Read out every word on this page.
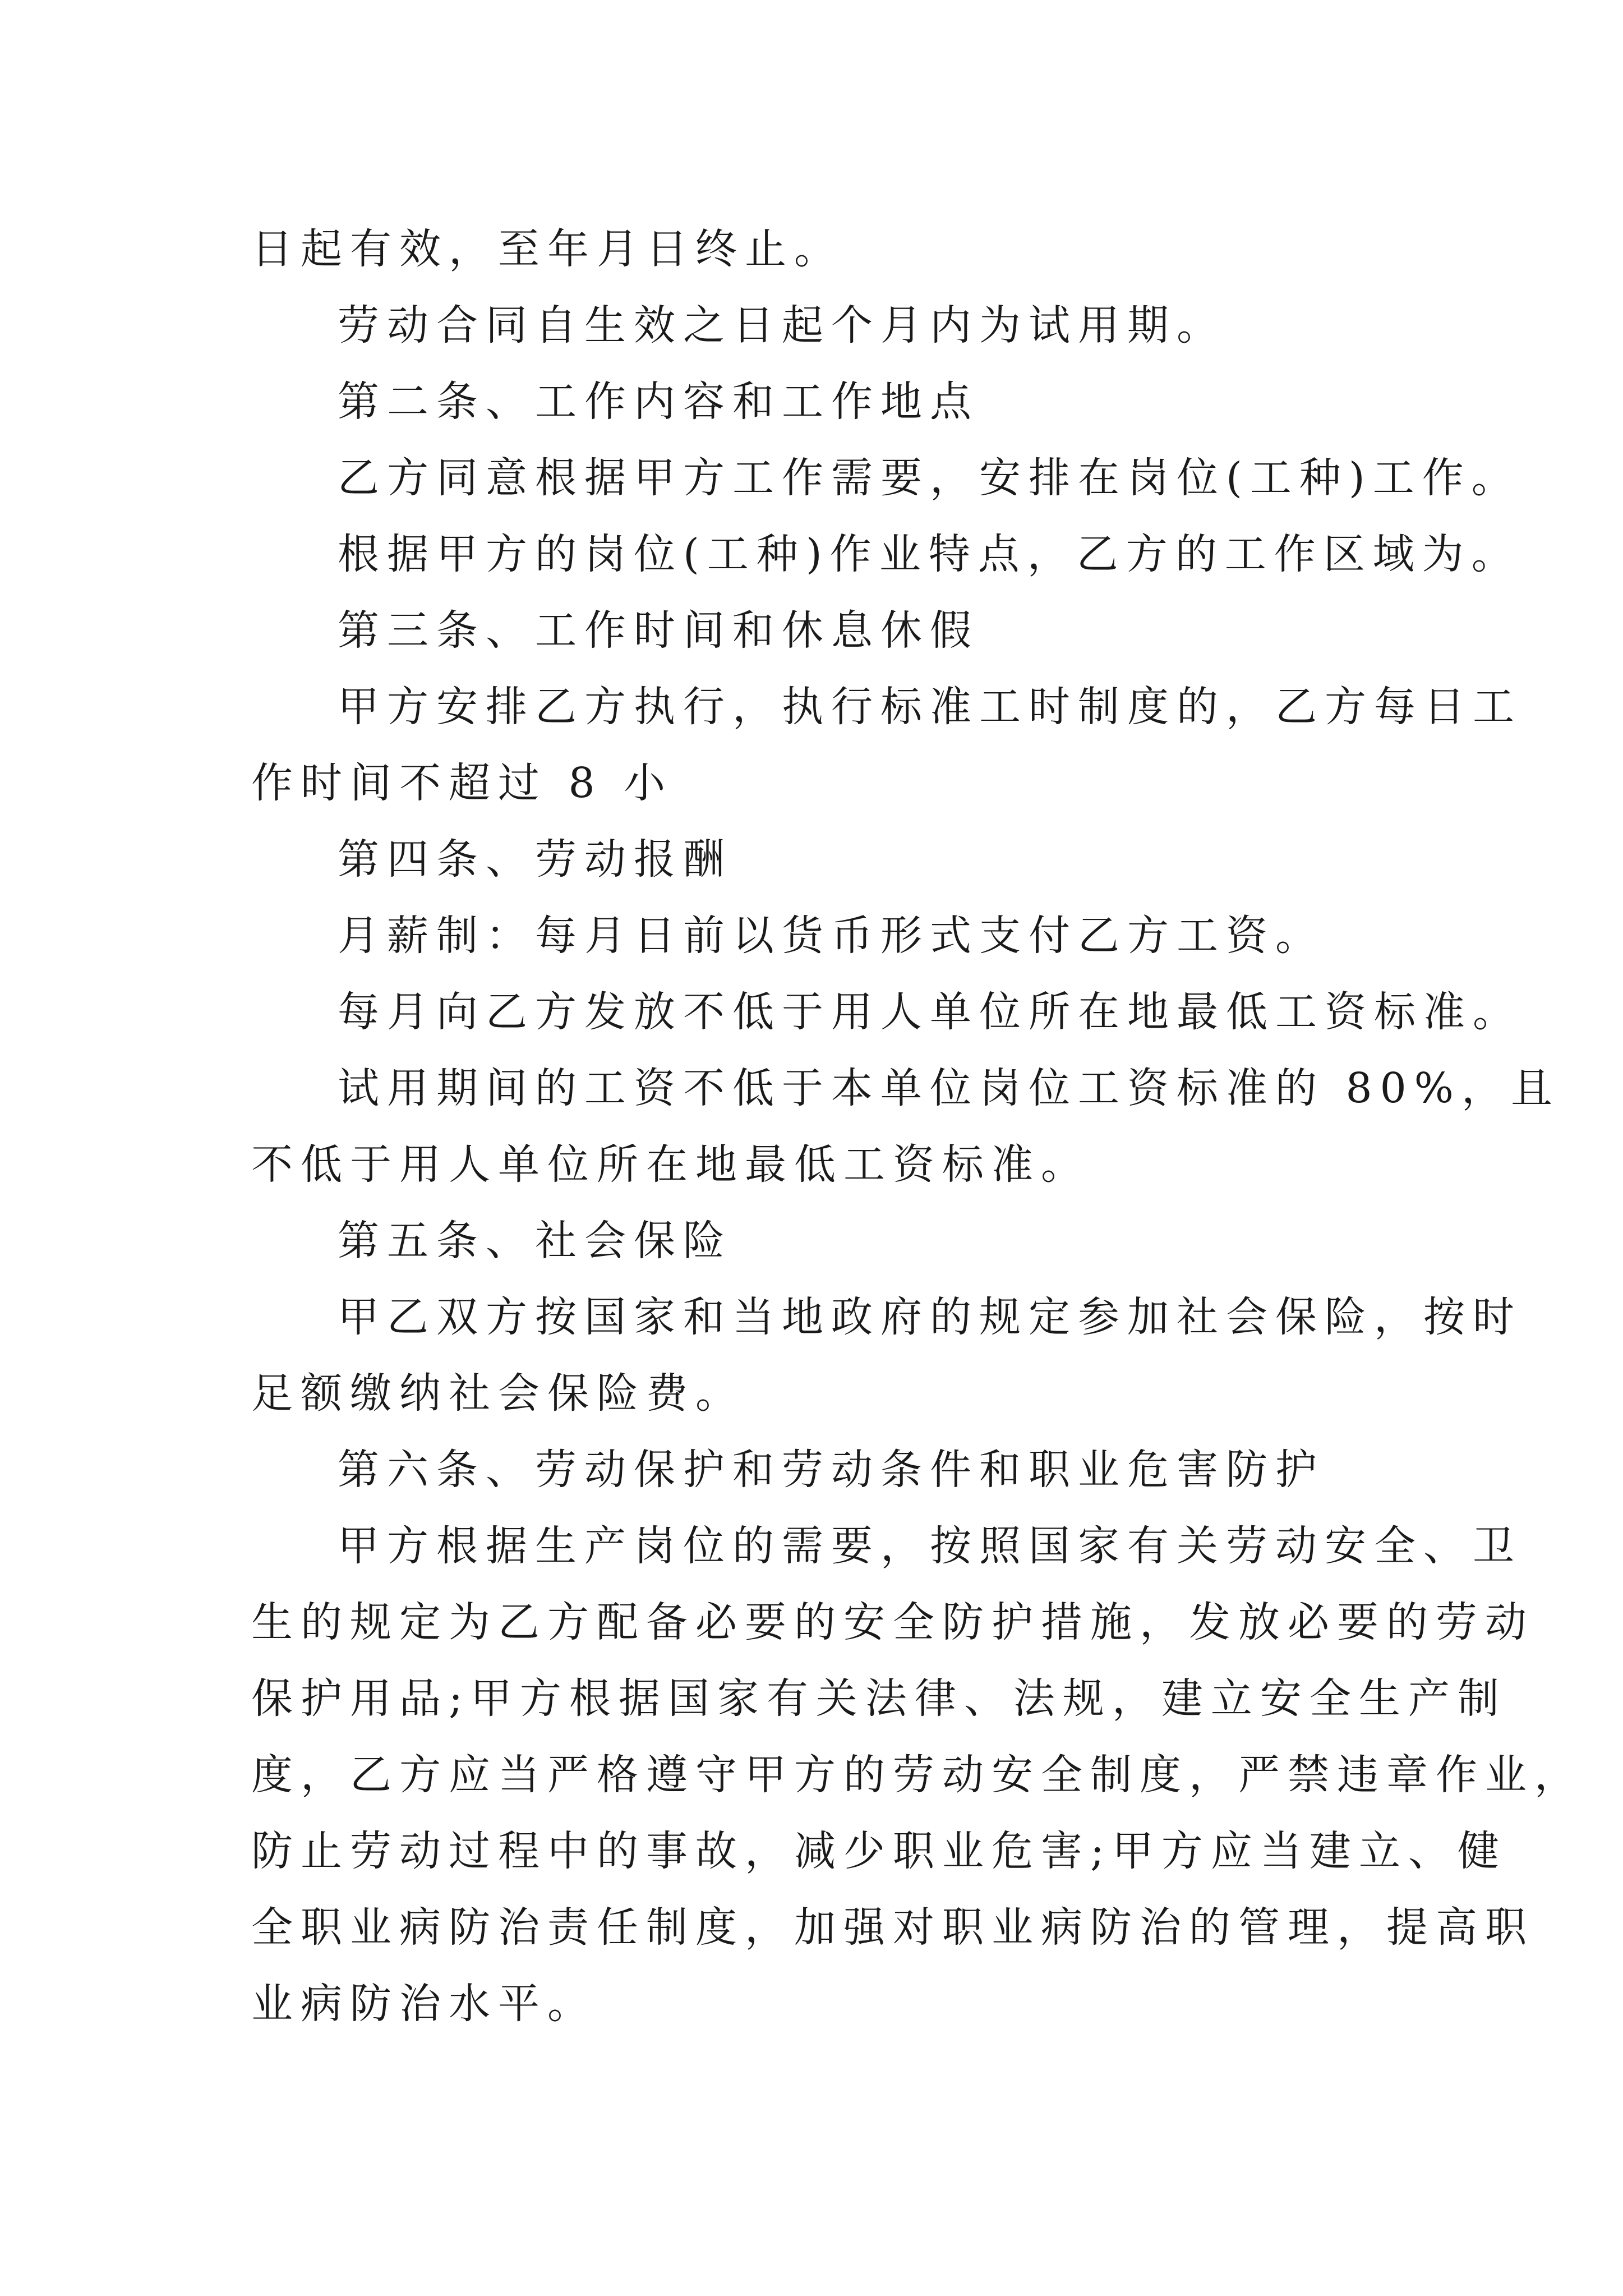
日起有效，至年月日终止。
劳动合同自生效之日起个月内为试用期。
第二条、工作内容和工作地点
乙方同意根据甲方工作需要，安排在岗位(工种)工作。
根据甲方的岗位(工种)作业特点，乙方的工作区域为。
第三条、工作时间和休息休假
甲方安排乙方执行，执行标准工时制度的，乙方每日工
作时间不超过 8 小
第四条、劳动报酬
月薪制：每月日前以货币形式支付乙方工资。
每月向乙方发放不低于用人单位所在地最低工资标准。
试用期间的工资不低于本单位岗位工资标准的 80%，且
不低于用人单位所在地最低工资标准。
第五条、社会保险
甲乙双方按国家和当地政府的规定参加社会保险，按时
足额缴纳社会保险费。
第六条、劳动保护和劳动条件和职业危害防护
甲方根据生产岗位的需要，按照国家有关劳动安全、卫
生的规定为乙方配备必要的安全防护措施，发放必要的劳动
保护用品;甲方根据国家有关法律、法规，建立安全生产制
度，乙方应当严格遵守甲方的劳动安全制度，严禁违章作业，
防止劳动过程中的事故，减少职业危害;甲方应当建立、健
全职业病防治责任制度，加强对职业病防治的管理，提高职
业病防治水平。
